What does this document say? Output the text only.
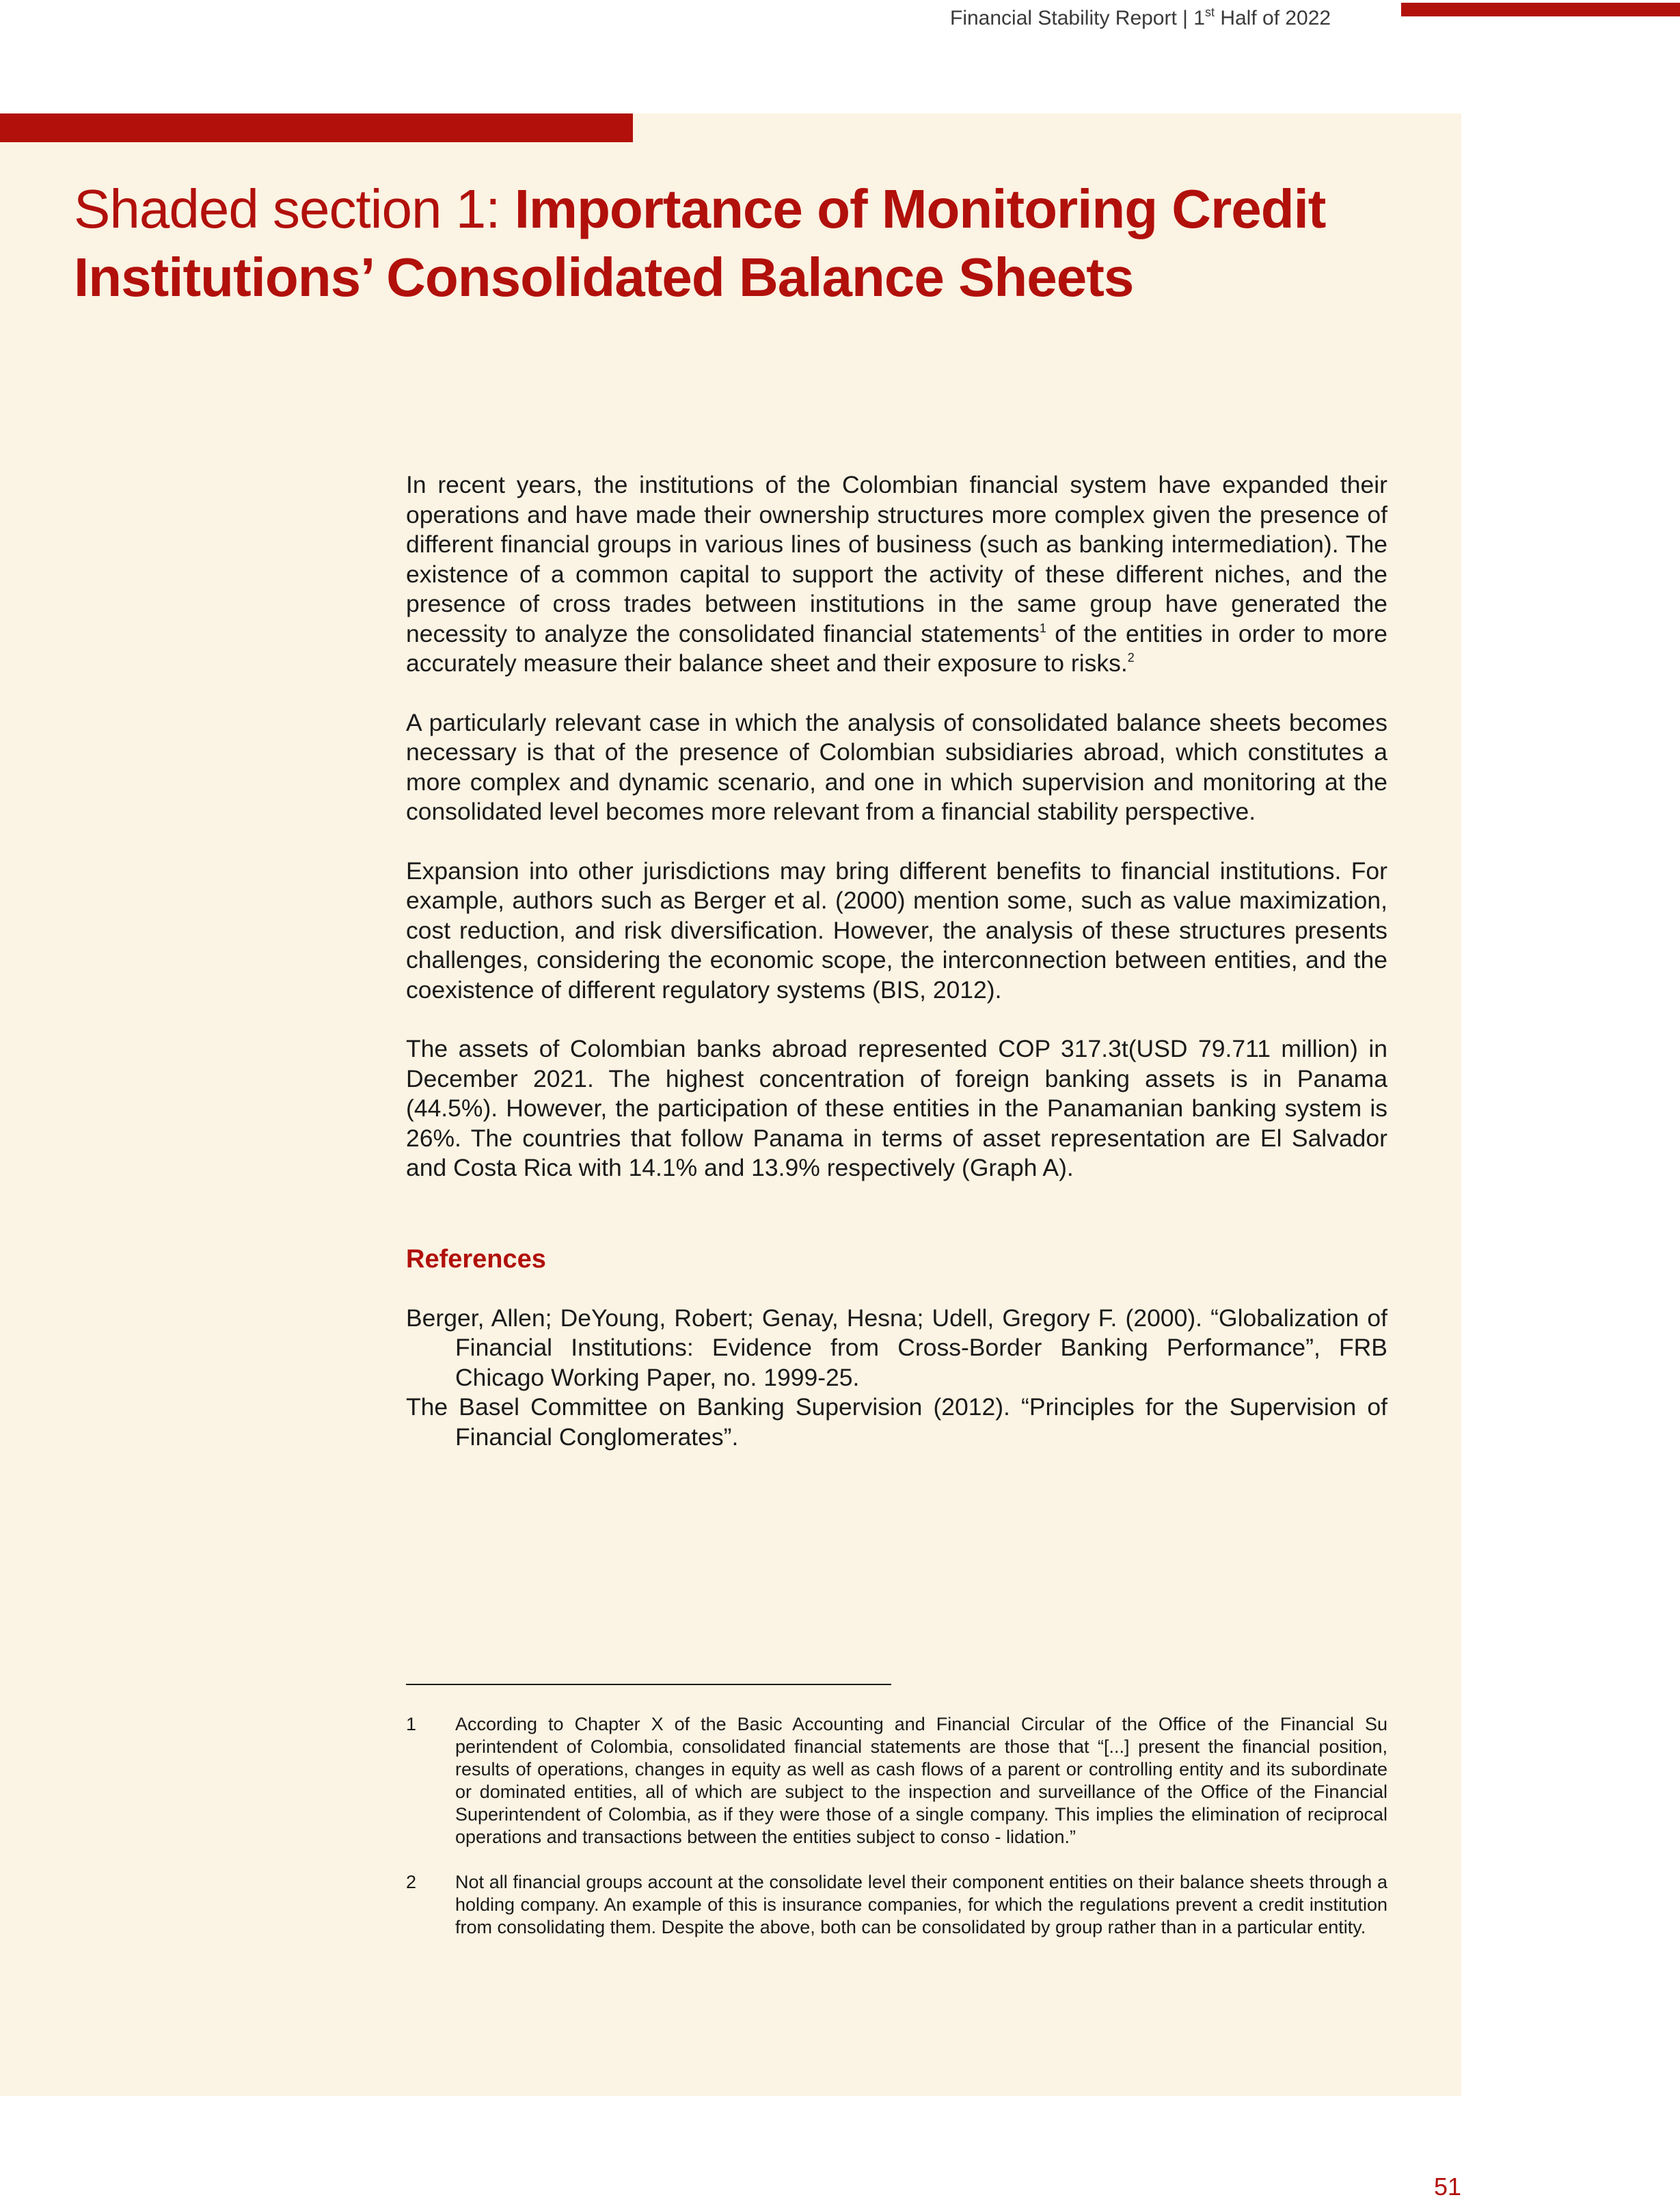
Financial Stability Report | 1st Half of 2022
Shaded section 1: Importance of Monitoring Credit Institutions’ Consolidated Balance Sheets

In recent years, the institutions of the Colombian financial system have expanded their operations and have made their ownership structures more complex given the presence of different financial groups in various lines of business (such as banking intermediation). The existence of a common capital to support the activity of these different niches, and the presence of cross trades between institutions in the same group have generated the necessity to analyze the consolidated financial statements$^1$ of the entities in order to more accurately measure their balance sheet and their exposure to risks.$^2$

A particularly relevant case in which the analysis of consolidated balance sheets becomes necessary is that of the presence of Colombian subsidiaries abroad, which constitutes a more complex and dynamic scenario, and one in which supervision and monitoring at the consolidated level becomes more relevant from a financial stability perspective.

Expansion into other jurisdictions may bring different benefits to financial institutions. For example, authors such as Berger et al. (2000) mention some, such as value maximization, cost reduction, and risk diversification. However, the analysis of these structures presents challenges, considering the economic scope, the interconnection between entities, and the coexistence of different regulatory systems (BIS, 2012).

The assets of Colombian banks abroad represented COP 317.3t(USD 79.711 million) in December 2021. The highest concentration of foreign banking assets is in Panama (44.5%). However, the participation of these entities in the Panamanian banking system is 26%. The countries that follow Panama in terms of asset representation are El Salvador and Costa Rica with 14.1% and 13.9% respectively (Graph A).

References

Berger, Allen; DeYoung, Robert; Genay, Hesna; Udell, Gregory F. (2000). “Globalization of Financial Institutions: Evidence from Cross-Border Banking Performance”, FRB Chicago Working Paper, no. 1999-25.

The Basel Committee on Banking Supervision (2012). “Principles for the Supervision of Financial Conglomerates”.

1	According to Chapter X of the Basic Accounting and Financial Circular of the Office of the Financial Su perintendent of Colombia, consolidated financial statements are those that “[...] present the financial position, results of operations, changes in equity as well as cash flows of a parent or controlling entity and its subordinate or dominated entities, all of which are subject to the inspection and surveillance of the Office of the Financial Superintendent of Colombia, as if they were those of a single company. This implies the elimination of reciprocal operations and transactions between the entities subject to conso - lidation.”
2	Not all financial groups account at the consolidate level their component entities on their balance sheets through a holding company. An example of this is insurance companies, for which the regulations prevent a credit institution from consolidating them. Despite the above, both can be consolidated by group rather than in a particular entity.
51
